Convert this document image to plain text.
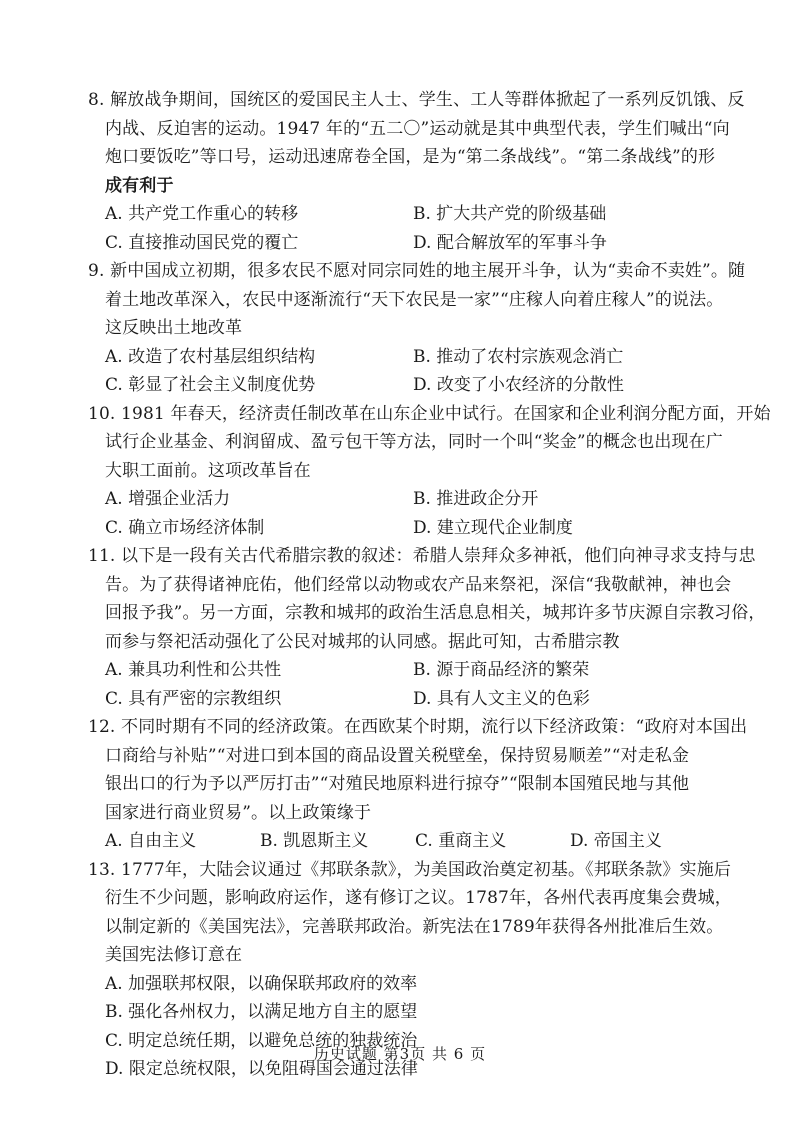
8. 解放战争期间，国统区的爱国民主人士、学生、工人等群体掀起了一系列反饥饿、反
内战、反迫害的运动。1947 年的“五二〇”运动就是其中典型代表，学生们喊出“向
炮口要饭吃”等口号，运动迅速席卷全国，是为“第二条战线”。“第二条战线”的形
成有利于
A. 共产党工作重心的转移	B. 扩大共产党的阶级基础
C. 直接推动国民党的覆亡	D. 配合解放军的军事斗争
9. 新中国成立初期，很多农民不愿对同宗同姓的地主展开斗争，认为“卖命不卖姓”。随
着土地改革深入，农民中逐渐流行“天下农民是一家”“庄稼人向着庄稼人”的说法。
这反映出土地改革
A. 改造了农村基层组织结构	B. 推动了农村宗族观念消亡
C. 彰显了社会主义制度优势	D. 改变了小农经济的分散性
10. 1981 年春天，经济责任制改革在山东企业中试行。在国家和企业利润分配方面，开始
试行企业基金、利润留成、盈亏包干等方法，同时一个叫“奖金”的概念也出现在广
大职工面前。这项改革旨在
A. 增强企业活力	B. 推进政企分开
C. 确立市场经济体制	D. 建立现代企业制度
11. 以下是一段有关古代希腊宗教的叙述：希腊人崇拜众多神祇，他们向神寻求支持与忠
告。为了获得诸神庇佑，他们经常以动物或农产品来祭祀，深信“我敬献神，神也会
回报予我”。另一方面，宗教和城邦的政治生活息息相关，城邦许多节庆源自宗教习俗，
而参与祭祀活动强化了公民对城邦的认同感。据此可知，古希腊宗教
A. 兼具功利性和公共性	B. 源于商品经济的繁荣
C. 具有严密的宗教组织	D. 具有人文主义的色彩
12. 不同时期有不同的经济政策。在西欧某个时期，流行以下经济政策：“政府对本国出
口商给与补贴”“对进口到本国的商品设置关税壁垒，保持贸易顺差”“对走私金
银出口的行为予以严厉打击”“对殖民地原料进行掠夺”“限制本国殖民地与其他
国家进行商业贸易”。以上政策缘于
A. 自由主义	B. 凯恩斯主义	C. 重商主义	D. 帝国主义
13. 1777年，大陆会议通过《邦联条款》，为美国政治奠定初基。《邦联条款》实施后
衍生不少问题，影响政府运作，遂有修订之议。1787年，各州代表再度集会费城，
以制定新的《美国宪法》，完善联邦政治。新宪法在1789年获得各州批准后生效。
美国宪法修订意在
A. 加强联邦权限，以确保联邦政府的效率
B. 强化各州权力，以满足地方自主的愿望
C. 明定总统任期，以避免总统的独裁统治
D. 限定总统权限，以免阻碍国会通过法律
历史试题 第3页 共 6 页
